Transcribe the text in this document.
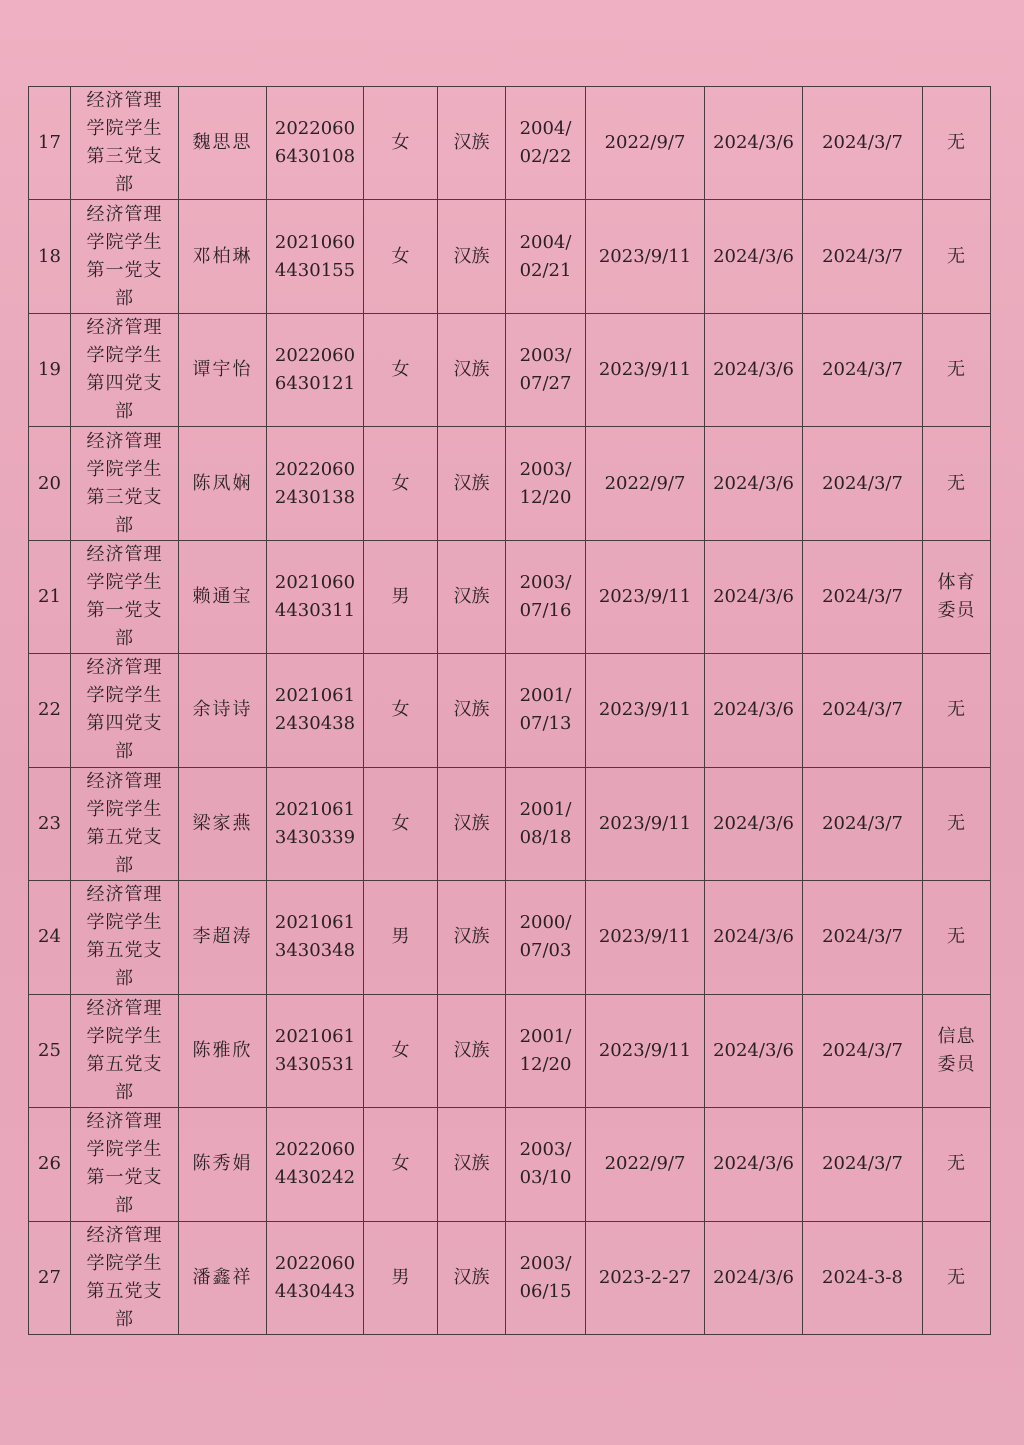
17	经济管理
学院学生
第三党支
部	魏思思	2022060
6430108	女	汉族	2004/
02/22	2022/9/7	2024/3/6	2024/3/7	无

18	经济管理
学院学生
第一党支
部	邓柏琳	2021060
4430155	女	汉族	2004/
02/21	2023/9/11	2024/3/6	2024/3/7	无

19	经济管理
学院学生
第四党支
部	谭宇怡	2022060
6430121	女	汉族	2003/
07/27	2023/9/11	2024/3/6	2024/3/7	无

20	经济管理
学院学生
第三党支
部	陈凤娴	2022060
2430138	女	汉族	2003/
12/20	2022/9/7	2024/3/6	2024/3/7	无

21	经济管理
学院学生
第一党支
部	赖通宝	2021060
4430311	男	汉族	2003/
07/16	2023/9/11	2024/3/6	2024/3/7	体育
委员

22	经济管理
学院学生
第四党支
部	余诗诗	2021061
2430438	女	汉族	2001/
07/13	2023/9/11	2024/3/6	2024/3/7	无

23	经济管理
学院学生
第五党支
部	梁家燕	2021061
3430339	女	汉族	2001/
08/18	2023/9/11	2024/3/6	2024/3/7	无

24	经济管理
学院学生
第五党支
部	李超涛	2021061
3430348	男	汉族	2000/
07/03	2023/9/11	2024/3/6	2024/3/7	无

25	经济管理
学院学生
第五党支
部	陈雅欣	2021061
3430531	女	汉族	2001/
12/20	2023/9/11	2024/3/6	2024/3/7	信息
委员

26	经济管理
学院学生
第一党支
部	陈秀娟	2022060
4430242	女	汉族	2003/
03/10	2022/9/7	2024/3/6	2024/3/7	无

27	经济管理
学院学生
第五党支
部	潘鑫祥	2022060
4430443	男	汉族	2003/
06/15	2023-2-27	2024/3/6	2024-3-8	无
